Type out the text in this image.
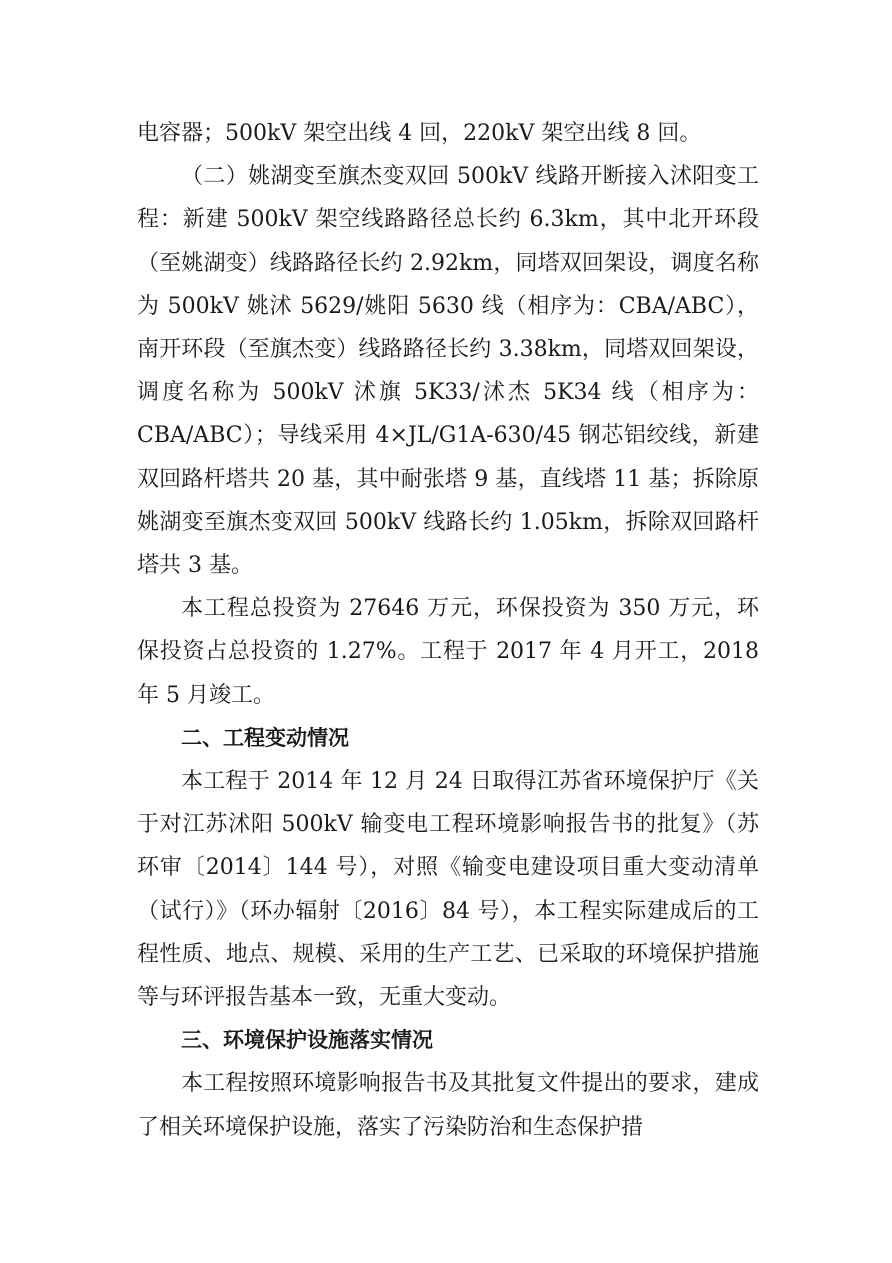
电容器；500kV 架空出线 4 回，220kV 架空出线 8 回。

（二）姚湖变至旗杰变双回 500kV 线路开断接入沭阳变工程：新建 500kV 架空线路路径总长约 6.3km，其中北开环段（至姚湖变）线路路径长约 2.92km，同塔双回架设，调度名称为 500kV 姚沭 5629/姚阳 5630 线（相序为：CBA/ABC），南开环段（至旗杰变）线路路径长约 3.38km，同塔双回架设，调度名称为 500kV 沭旗 5K33/沭杰 5K34 线（相序为：CBA/ABC）；导线采用 4×JL/G1A-630/45 钢芯铝绞线，新建双回路杆塔共 20 基，其中耐张塔 9 基，直线塔 11 基；拆除原姚湖变至旗杰变双回 500kV 线路长约 1.05km，拆除双回路杆塔共 3 基。

本工程总投资为 27646 万元，环保投资为 350 万元，环保投资占总投资的 1.27%。工程于 2017 年 4 月开工，2018 年 5 月竣工。

二、工程变动情况

本工程于 2014 年 12 月 24 日取得江苏省环境保护厅《关于对江苏沭阳 500kV 输变电工程环境影响报告书的批复》（苏环审〔2014〕144 号），对照《输变电建设项目重大变动清单（试行）》（环办辐射〔2016〕84 号），本工程实际建成后的工程性质、地点、规模、采用的生产工艺、已采取的环境保护措施等与环评报告基本一致，无重大变动。

三、环境保护设施落实情况

本工程按照环境影响报告书及其批复文件提出的要求，建成了相关环境保护设施，落实了污染防治和生态保护措
